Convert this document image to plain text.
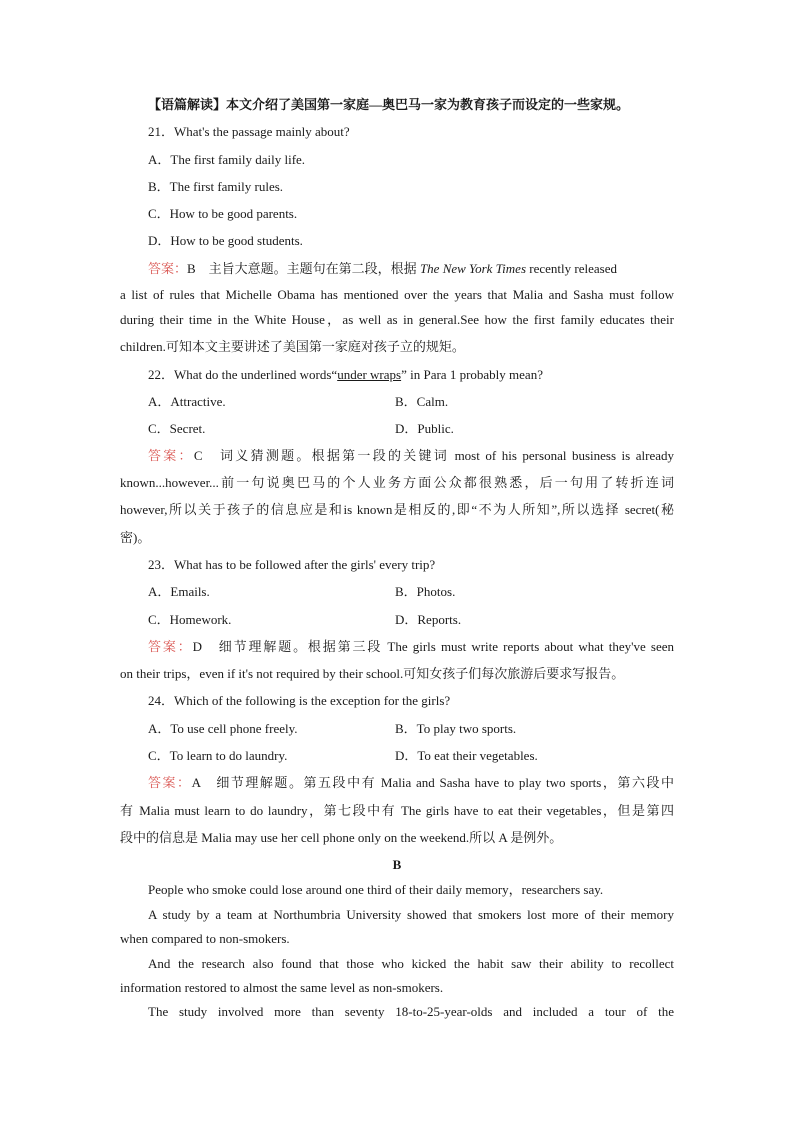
【语篇解读】本文介绍了美国第一家庭—奥巴马一家为教育孩子而设定的一些家规。
21．What's the passage mainly about?
A．The first family daily life.
B．The first family rules.
C．How to be good parents.
D．How to be good students.
答案：B　主旨大意题。主题句在第二段，根据 The New York Times recently released
a list of rules that Michelle Obama has mentioned over the years that Malia and Sasha must follow
during their time in the White House，as well as in general.See how the first family educates their
children.可知本文主要讲述了美国第一家庭对孩子立的规矩。
22．What do the underlined words“under wraps” in Para 1 probably mean?
A．Attractive.	B．Calm.
C．Secret.	D．Public.
答案：C　词义猜测题。根据第一段的关键词 most of his personal business is already
known...however...前一句说奥巴马的个人业务方面公众都很熟悉，后一句用了转折连词
however,所以关于孩子的信息应是和is known是相反的,即“不为人所知”,所以选择 secret(秘
密)。
23．What has to be followed after the girls' every trip?
A．Emails.	B．Photos.
C．Homework.	D．Reports.
答案：D　细节理解题。根据第三段 The girls must write reports about what they've seen
on their trips，even if it's not required by their school.可知女孩子们每次旅游后要求写报告。
24．Which of the following is the exception for the girls?
A．To use cell phone freely.	B．To play two sports.
C．To learn to do laundry.	D．To eat their vegetables.
答案：A　细节理解题。第五段中有 Malia and Sasha have to play two sports，第六段中
有 Malia must learn to do laundry，第七段中有 The girls have to eat their vegetables，但是第四
段中的信息是 Malia may use her cell phone only on the weekend.所以 A 是例外。
B
People who smoke could lose around one third of their daily memory，researchers say.
A study by a team at Northumbria University showed that smokers lost more of their memory
when compared to non-smokers.
And the research also found that those who kicked the habit saw their ability to recollect
information restored to almost the same level as non-smokers.
The study involved more than seventy 18-to-25-year-olds and included a tour of the
